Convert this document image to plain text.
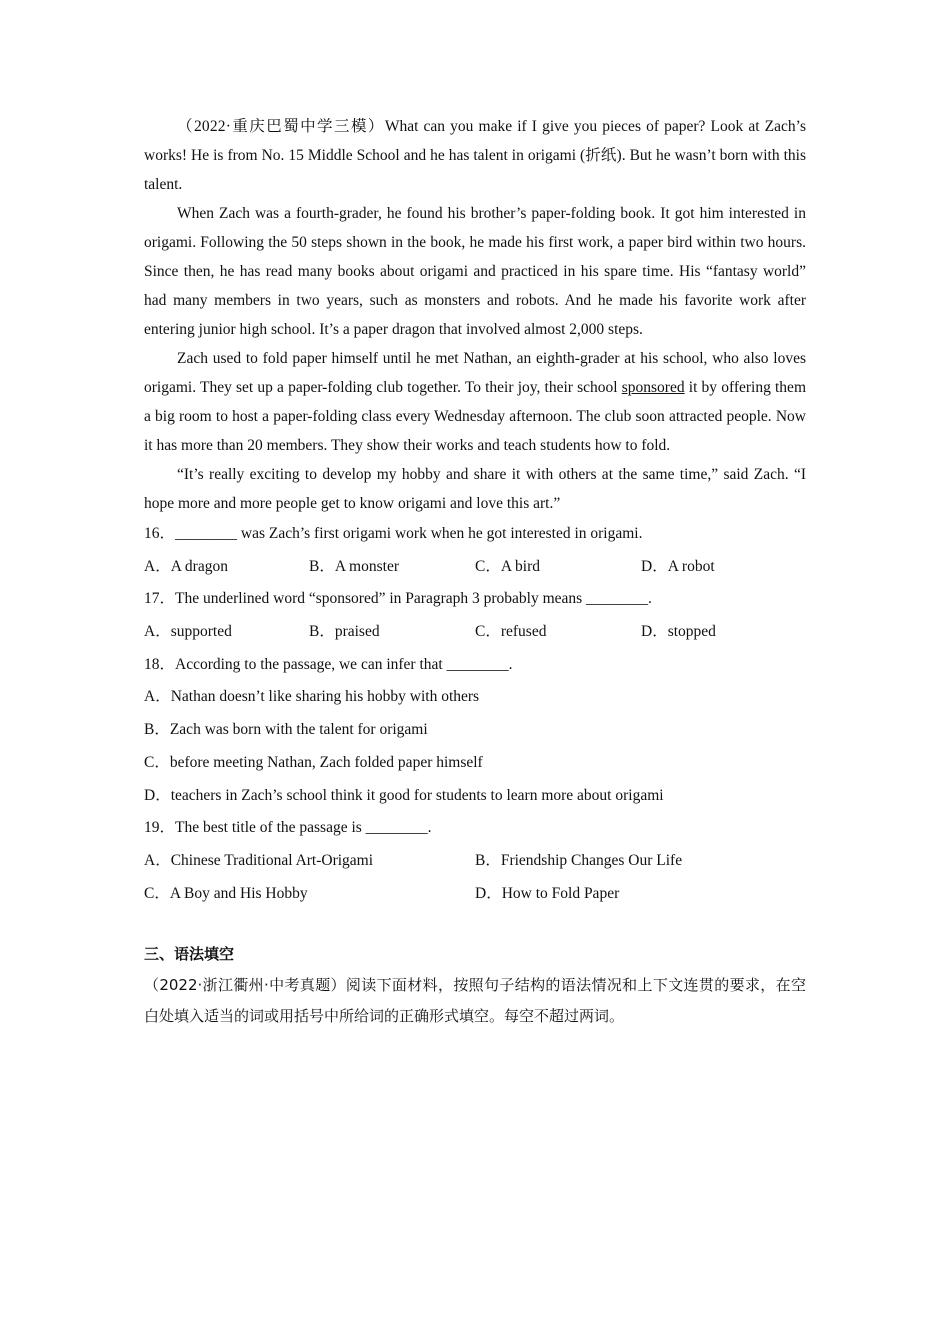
（2022·重庆巴蜀中学三模）What can you make if I give you pieces of paper? Look at Zach’s works! He is from No. 15 Middle School and he has talent in origami (折纸). But he wasn’t born with this talent.

When Zach was a fourth-grader, he found his brother’s paper-folding book. It got him interested in origami. Following the 50 steps shown in the book, he made his first work, a paper bird within two hours. Since then, he has read many books about origami and practiced in his spare time. His “fantasy world” had many members in two years, such as monsters and robots. And he made his favorite work after entering junior high school. It’s a paper dragon that involved almost 2,000 steps.

Zach used to fold paper himself until he met Nathan, an eighth-grader at his school, who also loves origami. They set up a paper-folding club together. To their joy, their school sponsored it by offering them a big room to host a paper-folding class every Wednesday afternoon. The club soon attracted people. Now it has more than 20 members. They show their works and teach students how to fold.

“It’s really exciting to develop my hobby and share it with others at the same time,” said Zach. “I hope more and more people get to know origami and love this art.”

16．________ was Zach’s first origami work when he got interested in origami.

A．A dragon	B．A monster	C．A bird	D．A robot

17．The underlined word “sponsored” in Paragraph 3 probably means ________.

A．supported	B．praised	C．refused	D．stopped

18．According to the passage, we can infer that ________.

A．Nathan doesn’t like sharing his hobby with others

B．Zach was born with the talent for origami

C．before meeting Nathan, Zach folded paper himself

D．teachers in Zach’s school think it good for students to learn more about origami

19．The best title of the passage is ________.

A．Chinese Traditional Art-Origami	B．Friendship Changes Our Life
C．A Boy and His Hobby	D．How to Fold Paper

三、语法填空

（2022·浙江衢州·中考真题）阅读下面材料，按照句子结构的语法情况和上下文连贯的要求，在空白处填入适当的词或用括号中所给词的正确形式填空。每空不超过两词。
